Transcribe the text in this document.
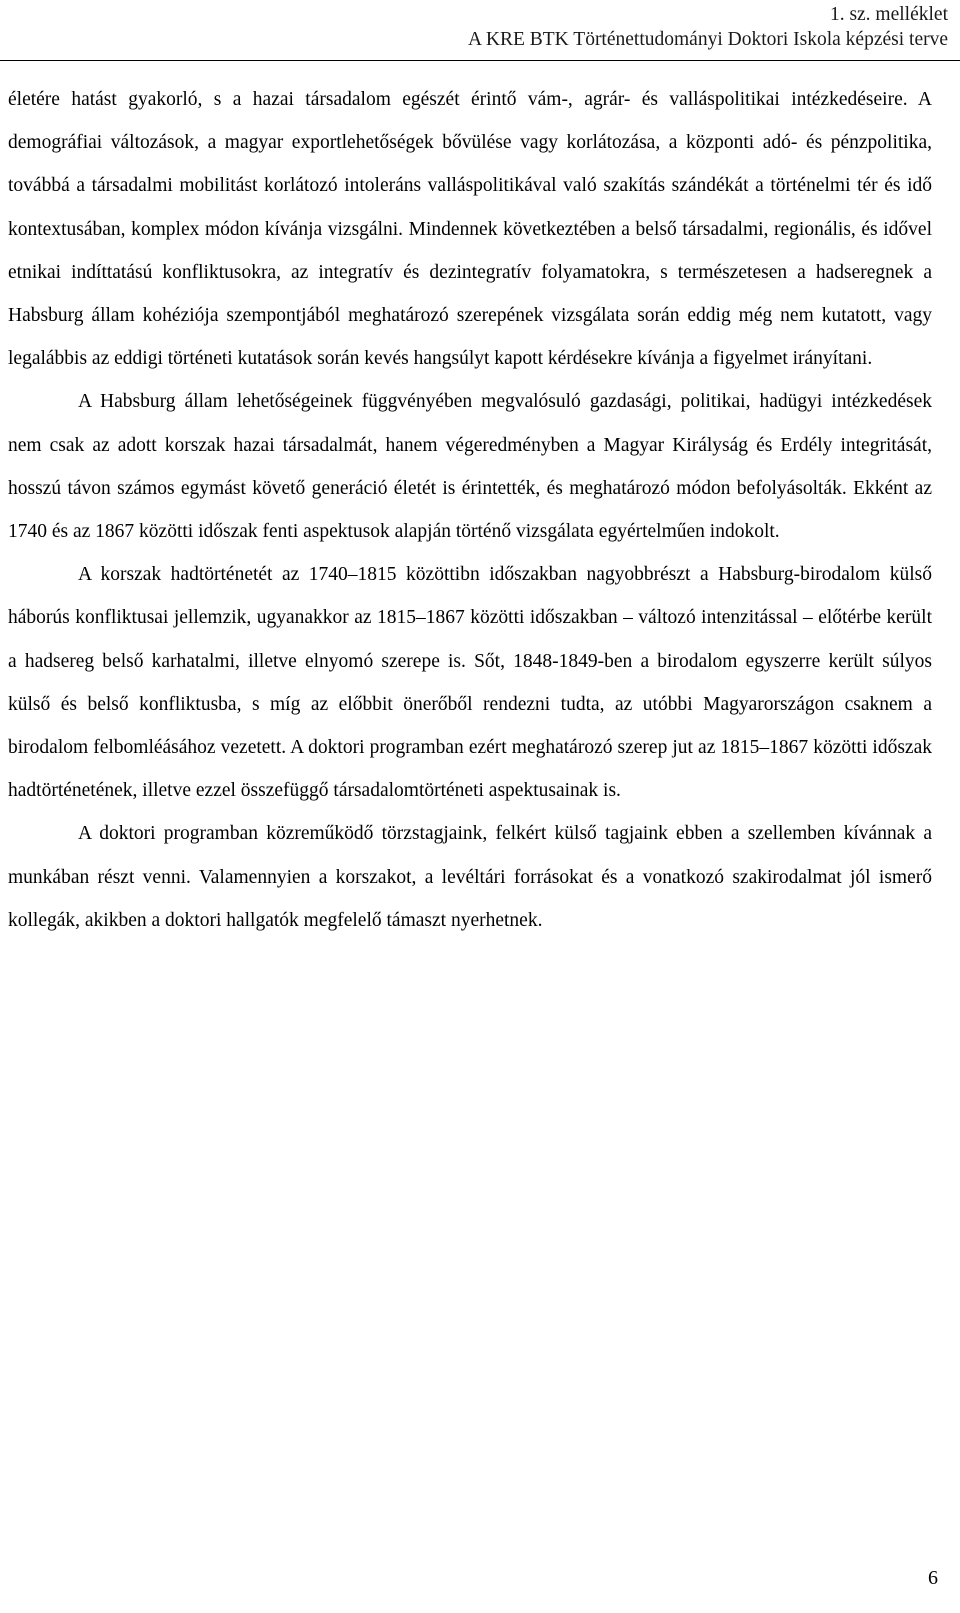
1. sz. melléklet
A KRE BTK Történettudományi Doktori Iskola képzési terve

életére hatást gyakorló, s a hazai társadalom egészét érintő vám-, agrár- és valláspolitikai intézkedéseire. A demográfiai változások, a magyar exportlehetőségek bővülése vagy korlátozása, a központi adó- és pénzpolitika, továbbá a társadalmi mobilitást korlátozó intoleráns valláspolitikával való szakítás szándékát a történelmi tér és idő kontextusában, komplex módon kívánja vizsgálni. Mindennek következtében a belső társadalmi, regionális, és idővel etnikai indíttatású konfliktusokra, az integratív és dezintegratív folyamatokra, s természetesen a hadseregnek a Habsburg állam kohéziója szempontjából meghatározó szerepének vizsgálata során eddig még nem kutatott, vagy legalábbis az eddigi történeti kutatások során kevés hangsúlyt kapott kérdésekre kívánja a figyelmet irányítani.

A Habsburg állam lehetőségeinek függvényében megvalósuló gazdasági, politikai, hadügyi intézkedések nem csak az adott korszak hazai társadalmát, hanem végeredményben a Magyar Királyság és Erdély integritását, hosszú távon számos egymást követő generáció életét is érintették, és meghatározó módon befolyásolták. Ekként az 1740 és az 1867 közötti időszak fenti aspektusok alapján történő vizsgálata egyértelműen indokolt.

A korszak hadtörténetét az 1740–1815 közöttibn időszakban nagyobbrészt a Habsburg-birodalom külső háborús konfliktusai jellemzik, ugyanakkor az 1815–1867 közötti időszakban – változó intenzitással – előtérbe került a hadsereg belső karhatalmi, illetve elnyomó szerepe is. Sőt, 1848-1849-ben a birodalom egyszerre került súlyos külső és belső konfliktusba, s míg az előbbit önerőből rendezni tudta, az utóbbi Magyarországon csaknem a birodalom felbomléásához vezetett. A doktori programban ezért meghatározó szerep jut az 1815–1867 közötti időszak hadtörténetének, illetve ezzel összefüggő társadalomtörténeti aspektusainak is.

A doktori programban közreműködő törzstagjaink, felkért külső tagjaink ebben a szellemben kívánnak a munkában részt venni. Valamennyien a korszakot, a levéltári forrásokat és a vonatkozó szakirodalmat jól ismerő kollegák, akikben a doktori hallgatók megfelelő támaszt nyerhetnek.

6
